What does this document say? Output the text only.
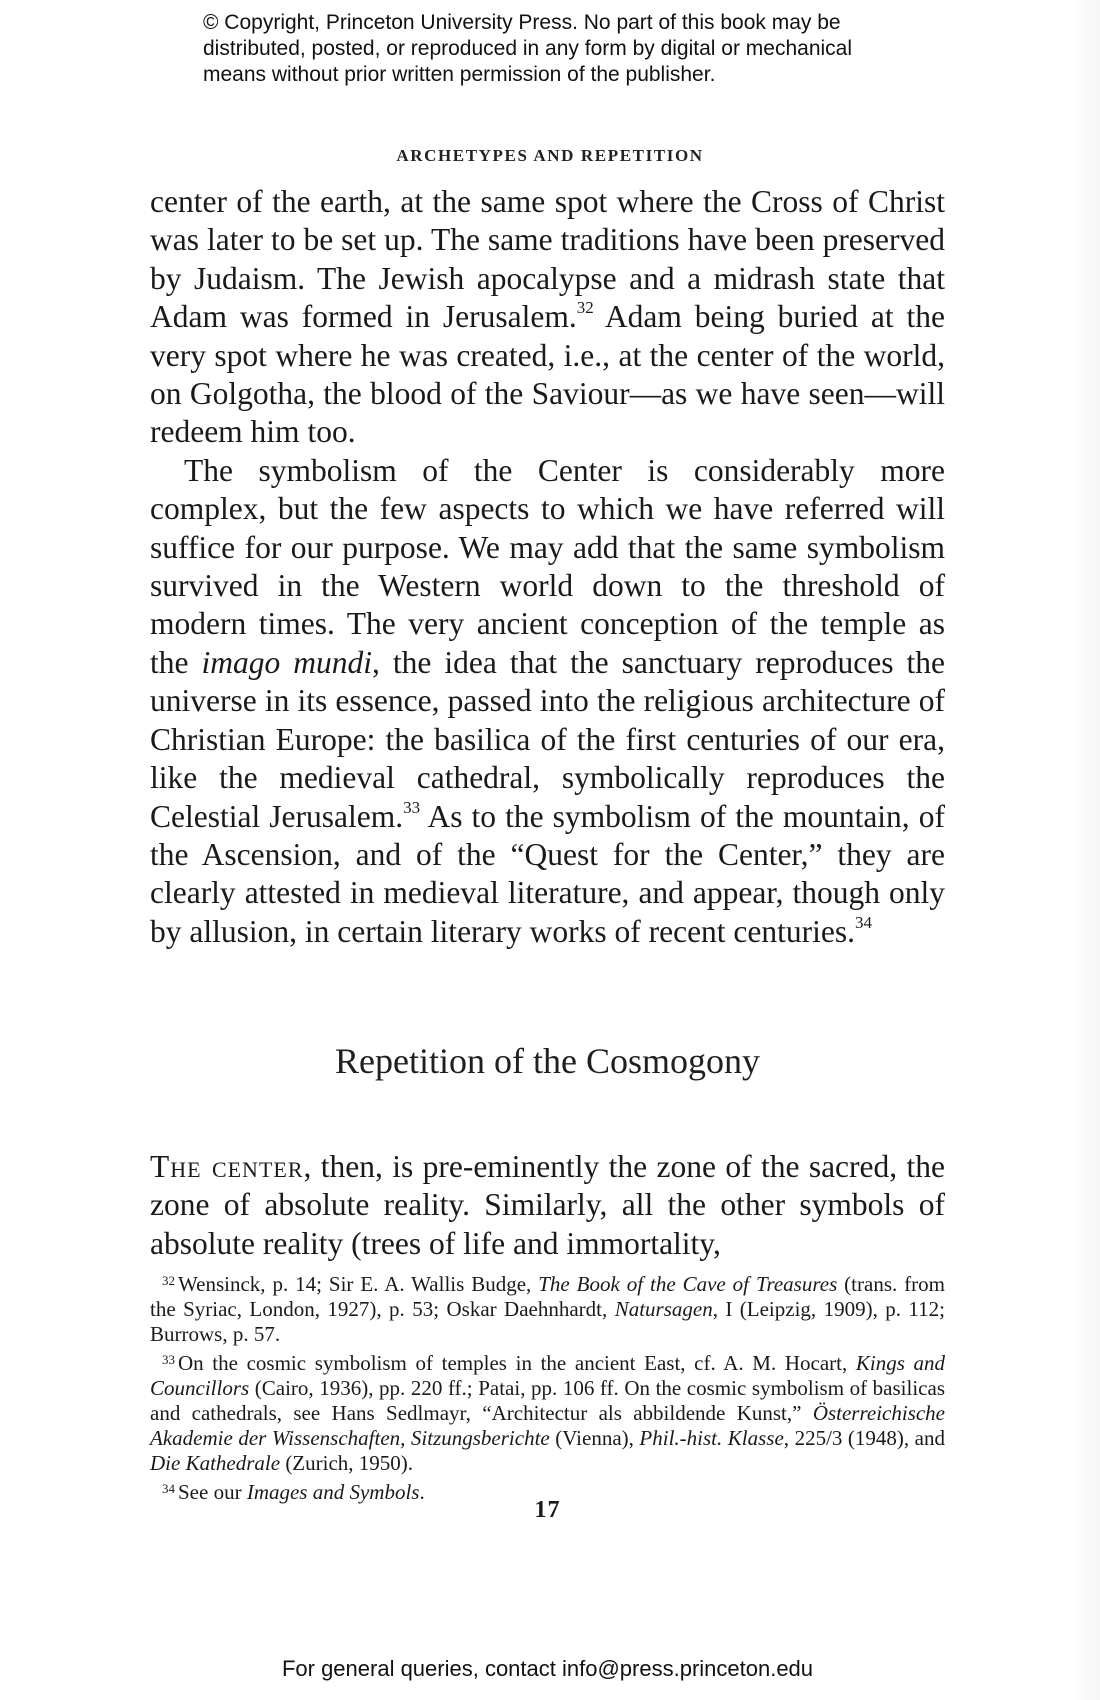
© Copyright, Princeton University Press. No part of this book may be
distributed, posted, or reproduced in any form by digital or mechanical
means without prior written permission of the publisher.
ARCHETYPES AND REPETITION

center of the earth, at the same spot where the Cross of Christ was later to be set up. The same traditions have been preserved by Judaism. The Jewish apocalypse and a midrash state that Adam was formed in Jerusalem.$^{32}$ Adam being buried at the very spot where he was created, i.e., at the center of the world, on Golgotha, the blood of the Saviour—as we have seen—will redeem him too.

The symbolism of the Center is considerably more complex, but the few aspects to which we have referred will suffice for our purpose. We may add that the same symbolism survived in the Western world down to the threshold of modern times. The very ancient conception of the temple as the imago mundi, the idea that the sanctuary reproduces the universe in its essence, passed into the religious architecture of Christian Europe: the basilica of the first centuries of our era, like the medieval cathedral, symbolically reproduces the Celestial Jerusalem.$^{33}$ As to the symbolism of the mountain, of the Ascension, and of the “Quest for the Center,” they are clearly attested in medieval literature, and appear, though only by allusion, in certain literary works of recent centuries.$^{34}$

Repetition of the Cosmogony

The center, then, is pre-eminently the zone of the sacred, the zone of absolute reality. Similarly, all the other symbols of absolute reality (trees of life and immortality,

$^{32}$ Wensinck, p. 14; Sir E. A. Wallis Budge, The Book of the Cave of Treasures (trans. from the Syriac, London, 1927), p. 53; Oskar Daehnhardt, Natursagen, I (Leipzig, 1909), p. 112; Burrows, p. 57.

$^{33}$ On the cosmic symbolism of temples in the ancient East, cf. A. M. Hocart, Kings and Councillors (Cairo, 1936), pp. 220 ff.; Patai, pp. 106 ff. On the cosmic symbolism of basilicas and cathedrals, see Hans Sedlmayr, “Architectur als abbildende Kunst,” Österreichische Akademie der Wissenschaften, Sitzungsberichte (Vienna), Phil.-hist. Klasse, 225/3 (1948), and Die Kathedrale (Zurich, 1950).

$^{34}$ See our Images and Symbols.

17
For general queries, contact info@press.princeton.edu
